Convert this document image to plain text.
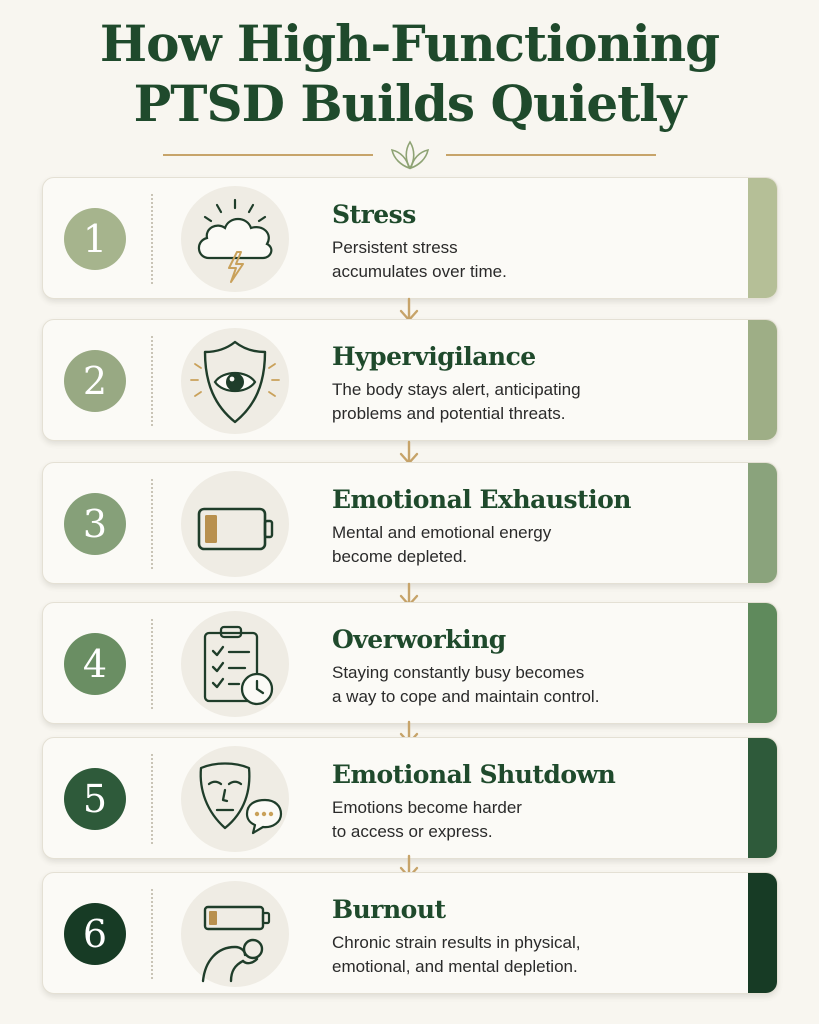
How High-Functioning
PTSD Builds Quietly
1
Stress
Persistent stress
accumulates over time.
2
Hypervigilance
The body stays alert, anticipating
problems and potential threats.
3
Emotional Exhaustion
Mental and emotional energy
become depleted.
4
Overworking
Staying constantly busy becomes
a way to cope and maintain control.
5
Emotional Shutdown
Emotions become harder
to access or express.
6
Burnout
Chronic strain results in physical,
emotional, and mental depletion.
